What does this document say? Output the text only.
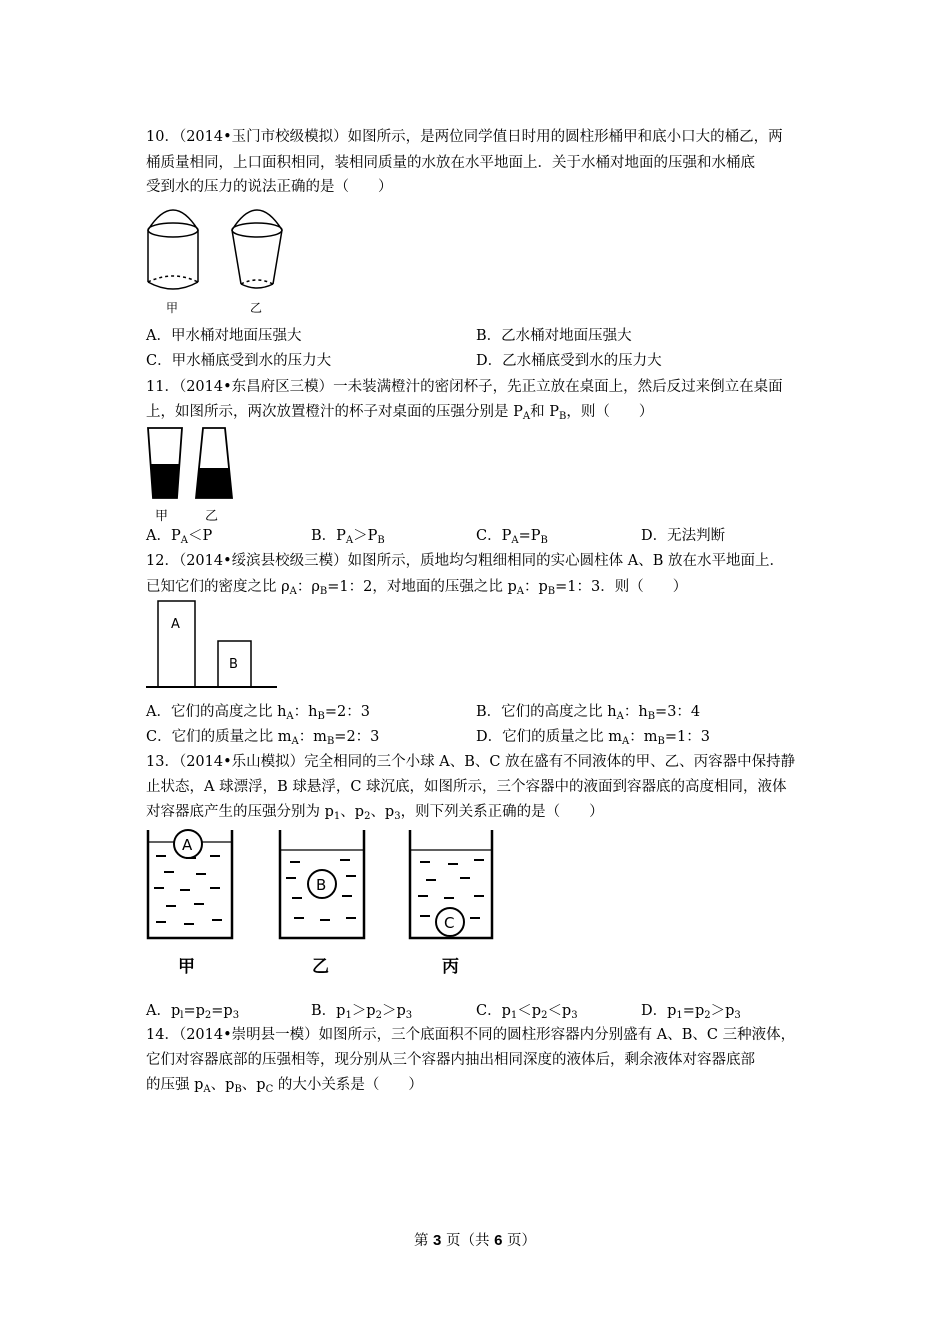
10．（2014•玉门市校级模拟）如图所示，是两位同学值日时用的圆柱形桶甲和底小口大的桶乙，两
桶质量相同，上口面积相同，装相同质量的水放在水平地面上．关于水桶对地面的压强和水桶底
受到水的压力的说法正确的是（　　）
甲	乙
A．甲水桶对地面压强大	B．乙水桶对地面压强大
C．甲水桶底受到水的压力大	D．乙水桶底受到水的压力大
11．（2014•东昌府区三模）一未装满橙汁的密闭杯子，先正立放在桌面上，然后反过来倒立在桌面
上，如图所示，两次放置橙汁的杯子对桌面的压强分别是 $P_A$和 $P_B$，则（　　）
甲	乙
A．$P_A<P$	B．$P_A>P_B$	C．$P_A=P_B$	D．无法判断
12．（2014•绥滨县校级三模）如图所示，质地均匀粗细相同的实心圆柱体 A、B 放在水平地面上．
已知它们的密度之比 $\rho_A$：$\rho_B=1$：2，对地面的压强之比 $p_A$：$p_B=1$：3．则（　　）
A
B
A．它们的高度之比 $h_A$：$h_B=2$：3	B．它们的高度之比 $h_A$：$h_B=3$：4
C．它们的质量之比 $m_A$：$m_B=2$：3	D．它们的质量之比 $m_A$：$m_B=1$：3
13．（2014•乐山模拟）完全相同的三个小球 A、B、C 放在盛有不同液体的甲、乙、丙容器中保持静
止状态，A 球漂浮，B 球悬浮，C 球沉底，如图所示，三个容器中的液面到容器底的高度相同，液体
对容器底产生的压强分别为 $p_1$、$p_2$、$p_3$，则下列关系正确的是（　　）
A
B
C
甲	乙	丙
A．$p_l=p_2=p_3$	B．$p_1>p_2>p_3$	C．$p_1<p_2<p_3$	D．$p_1=p_2>p_3$
14．（2014•崇明县一模）如图所示，三个底面积不同的圆柱形容器内分别盛有 A、B、C 三种液体，
它们对容器底部的压强相等，现分别从三个容器内抽出相同深度的液体后，剩余液体对容器底部
的压强 $p_A$、$p_B$、$p_C$ 的大小关系是（　　）
第 3 页（共 6 页）
